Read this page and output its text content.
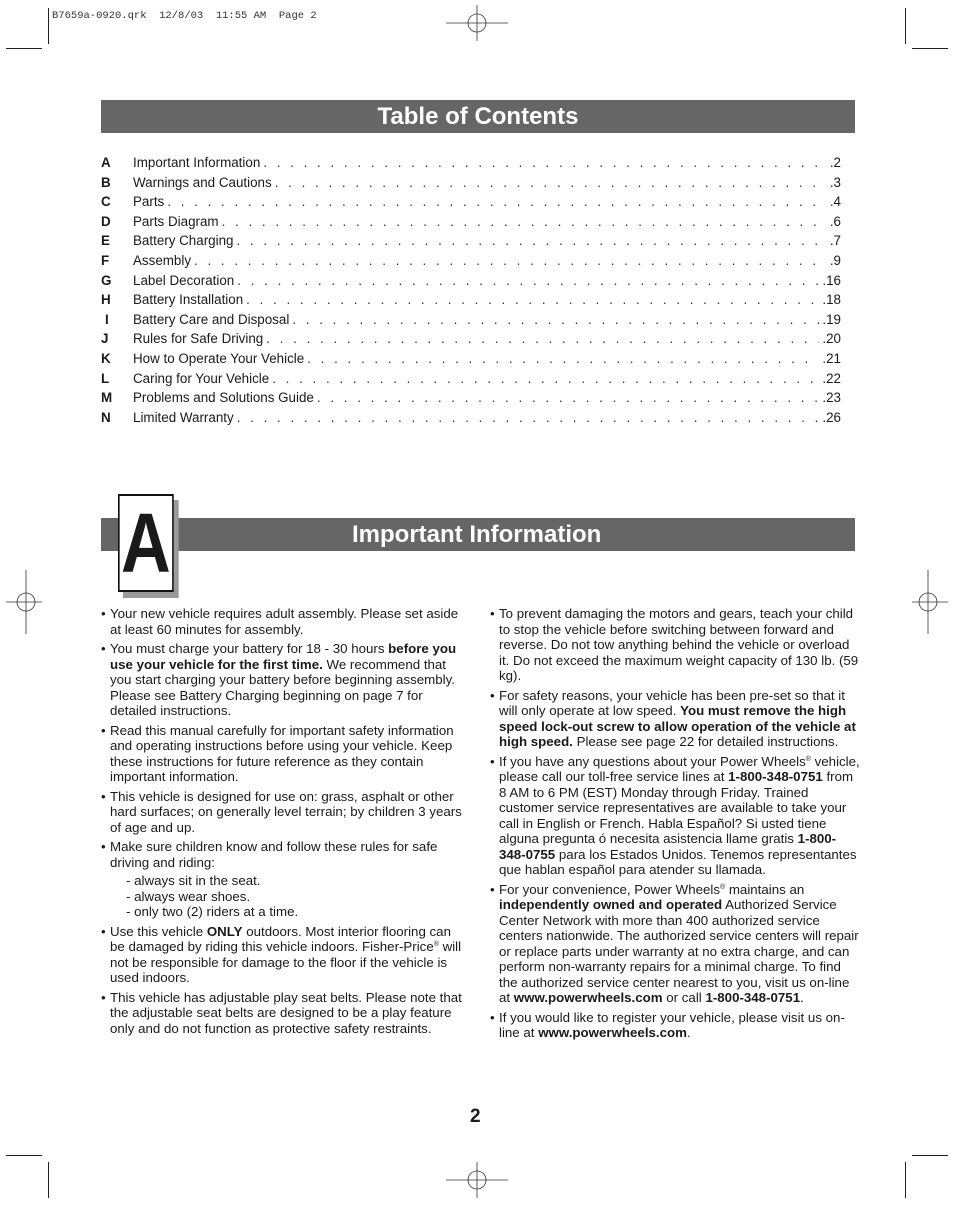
B7659a-0920.qrk  12/8/03  11:55 AM  Page 2
Table of Contents
A	Important Information . . .	.2
B	Warnings and Cautions . . .	.3
C	Parts . . .	.4
D	Parts Diagram . . .	.6
E	Battery Charging . . .	.7
F	Assembly . . .	.9
G	Label Decoration . . .	.16
H	Battery Installation . . .	.18
I	Battery Care and Disposal . . .	.19
J	Rules for Safe Driving . . .	.20
K	How to Operate Your Vehicle . . .	.21
L	Caring for Your Vehicle . . .	.22
M	Problems and Solutions Guide . . .	.23
N	Limited Warranty . . .	.26
Important Information
A
• Your new vehicle requires adult assembly. Please set aside at least 60 minutes for assembly.
• You must charge your battery for 18 - 30 hours before you use your vehicle for the first time. We recommend that you start charging your battery before beginning assembly. Please see Battery Charging beginning on page 7 for detailed instructions.
• Read this manual carefully for important safety information and operating instructions before using your vehicle. Keep these instructions for future reference as they contain important information.
• This vehicle is designed for use on: grass, asphalt or other hard surfaces; on generally level terrain; by children 3 years of age and up.
• Make sure children know and follow these rules for safe driving and riding:
- always sit in the seat.
- always wear shoes.
- only two (2) riders at a time.
• Use this vehicle ONLY outdoors. Most interior flooring can be damaged by riding this vehicle indoors. Fisher-Price® will not be responsible for damage to the floor if the vehicle is used indoors.
• This vehicle has adjustable play seat belts. Please note that the adjustable seat belts are designed to be a play feature only and do not function as protective safety restraints.
• To prevent damaging the motors and gears, teach your child to stop the vehicle before switching between forward and reverse. Do not tow anything behind the vehicle or overload it. Do not exceed the maximum weight capacity of 130 lb. (59 kg).
• For safety reasons, your vehicle has been pre-set so that it will only operate at low speed. You must remove the high speed lock-out screw to allow operation of the vehicle at high speed. Please see page 22 for detailed instructions.
• If you have any questions about your Power Wheels® vehicle, please call our toll-free service lines at 1-800-348-0751 from 8 AM to 6 PM (EST) Monday through Friday. Trained customer service representatives are available to take your call in English or French. Habla Español? Si usted tiene alguna pregunta ó necesita asistencia llame gratis 1-800-348-0755 para los Estados Unidos. Tenemos representantes que hablan español para atender su llamada.
• For your convenience, Power Wheels® maintains an independently owned and operated Authorized Service Center Network with more than 400 authorized service centers nationwide. The authorized service centers will repair or replace parts under warranty at no extra charge, and can perform non-warranty repairs for a minimal charge. To find the authorized service center nearest to you, visit us on-line at www.powerwheels.com or call 1-800-348-0751.
• If you would like to register your vehicle, please visit us on-line at www.powerwheels.com.
2
